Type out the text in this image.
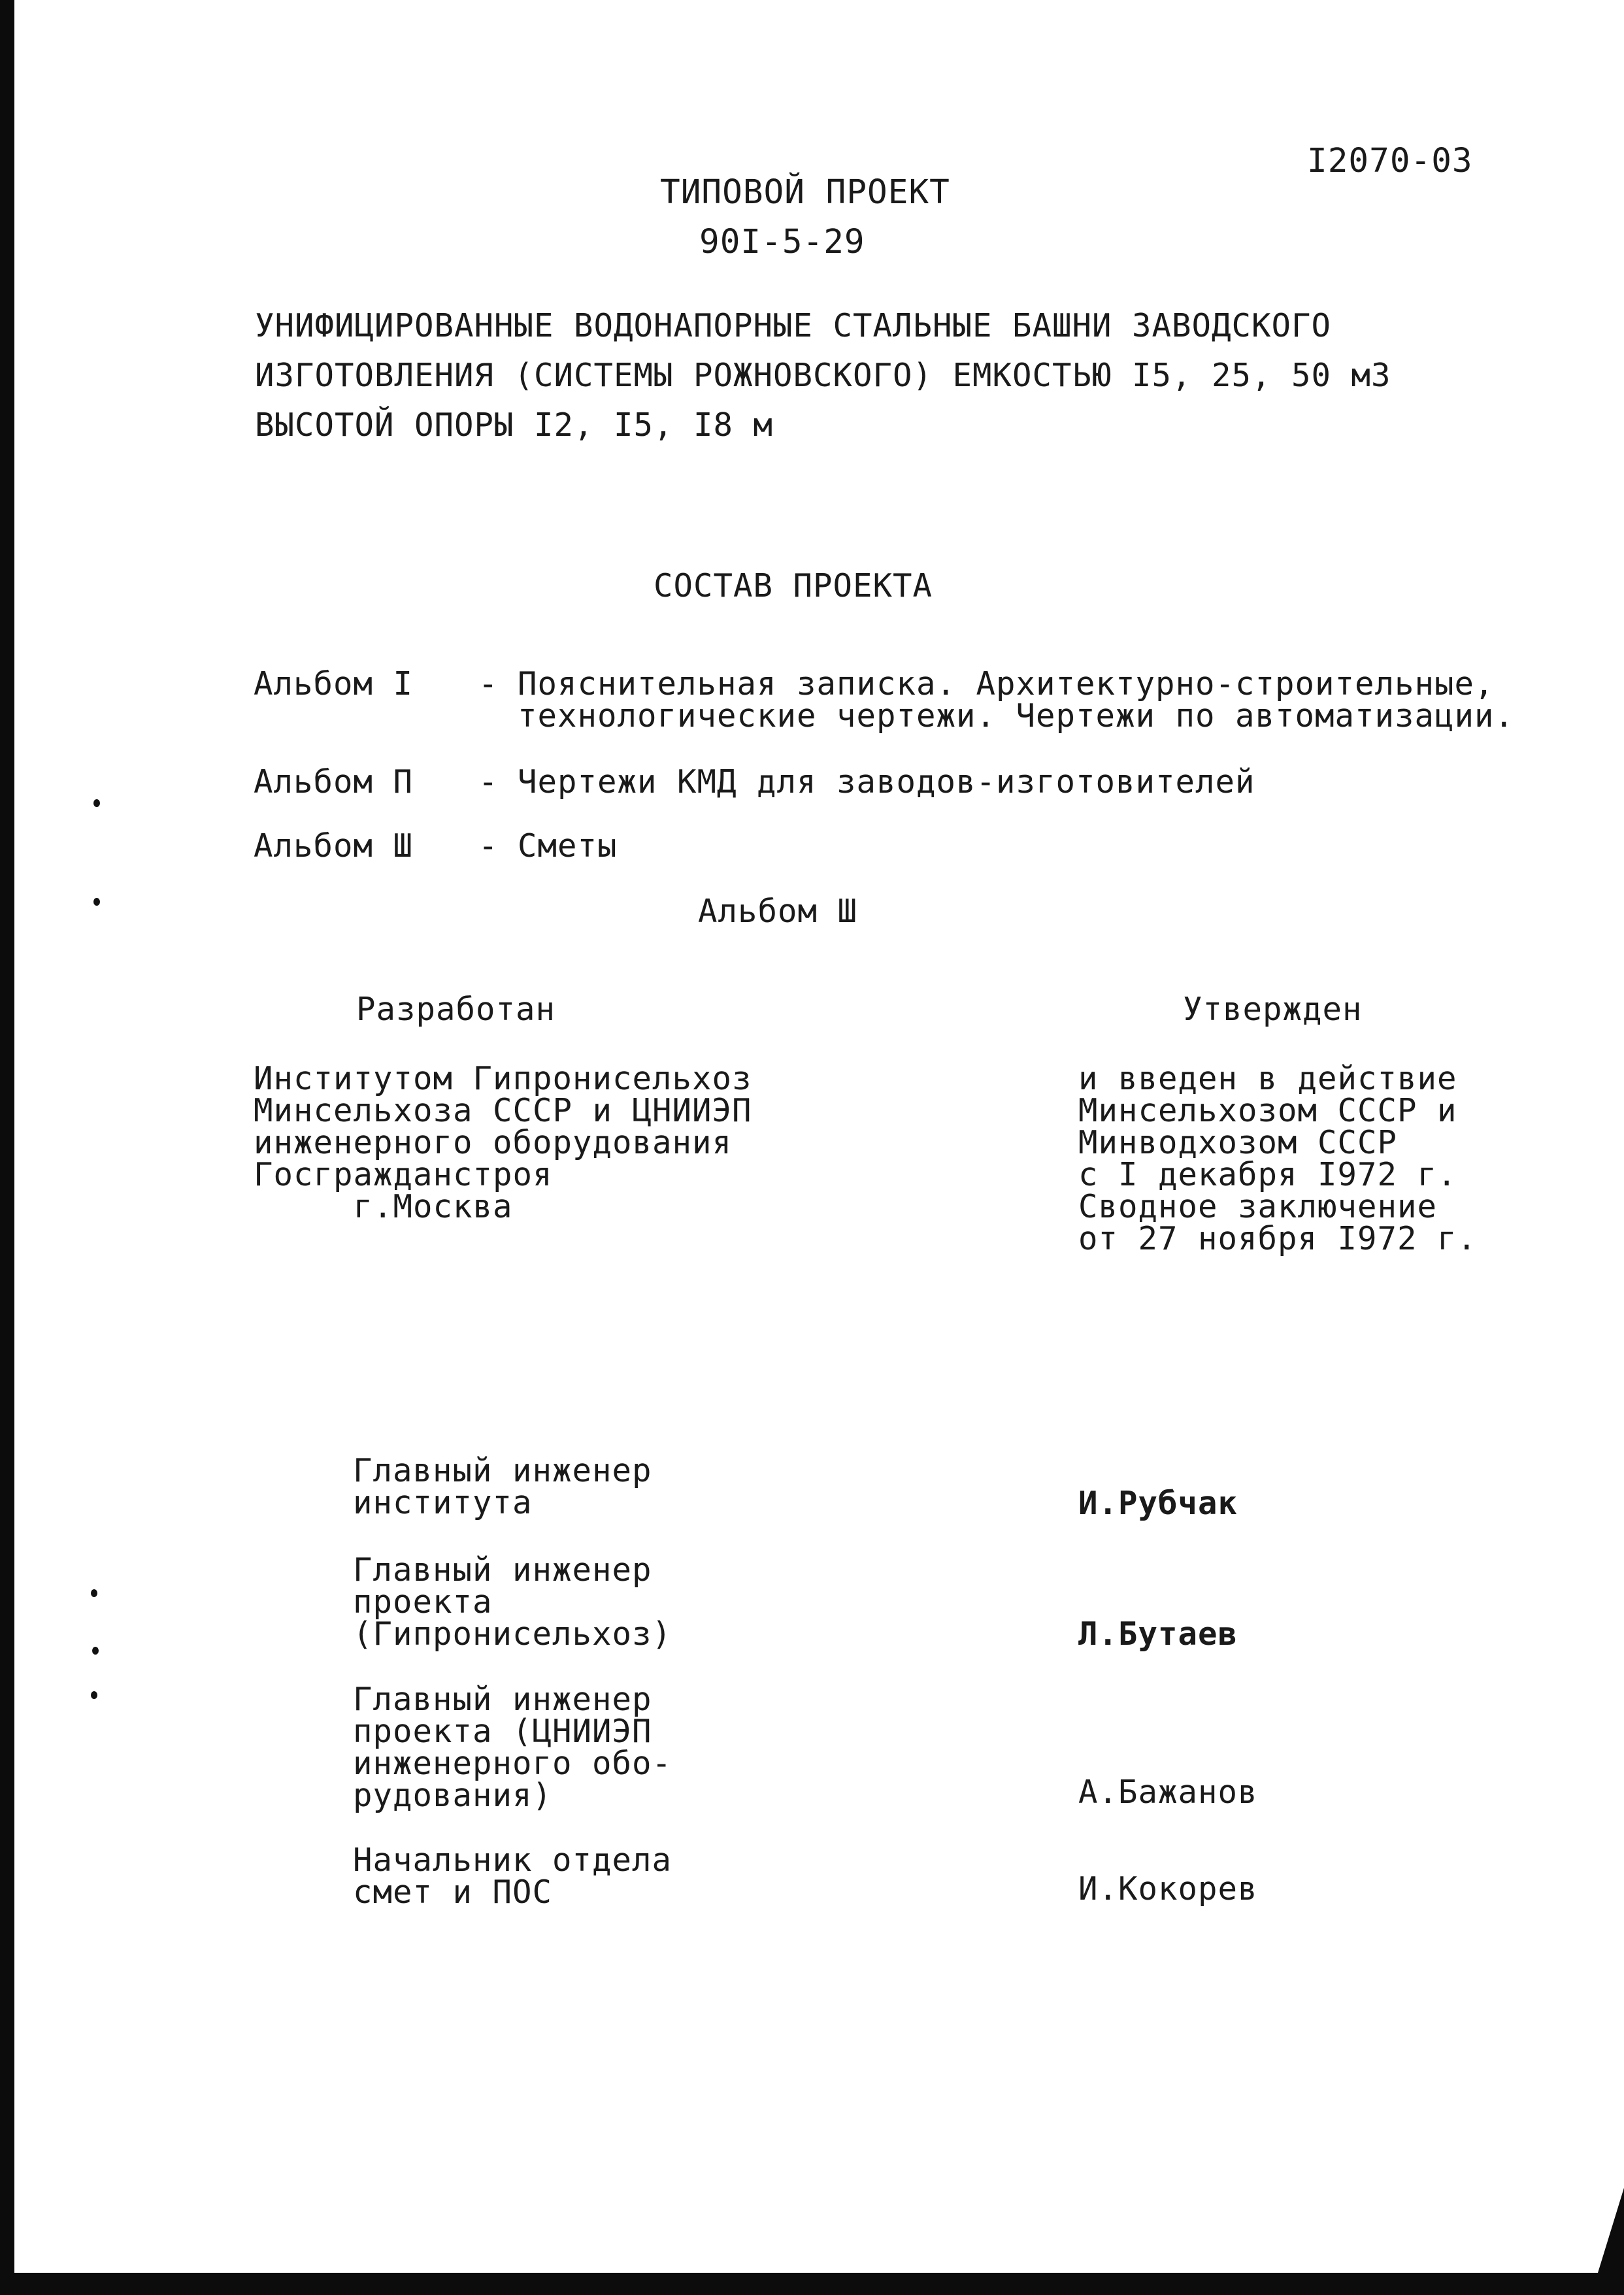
I2070-03
ТИПОВОЙ ПРОЕКТ
90I-5-29
УНИФИЦИРОВАННЫЕ ВОДОНАПОРНЫЕ СТАЛЬНЫЕ БАШНИ ЗАВОДСКОГО
ИЗГОТОВЛЕНИЯ (СИСТЕМЫ РОЖНОВСКОГО) ЕМКОСТЬЮ I5, 25, 50 м3
ВЫСОТОЙ ОПОРЫ I2, I5, I8 м
СОСТАВ ПРОЕКТА
Альбом I - Пояснительная записка. Архитектурно-строительные,
технологические чертежи. Чертежи по автоматизации.
Альбом П - Чертежи КМД для заводов-изготовителей
Альбом Ш - Сметы
Альбом Ш
Разработан	Утвержден
Институтом Гипронисельхоз
Минсельхоза СССР и ЦНИИЭП
инженерного оборудования
Госгражданстроя
г.Москва
и введен в действие
Минсельхозом СССР и
Минводхозом СССР
с I декабря I972 г.
Сводное заключение
от 27 ноября I972 г.
Главный инженер
института	И.Рубчак
Главный инженер
проекта
(Гипронисельхоз)	Л.Бутаев
Главный инженер
проекта (ЦНИИЭП
инженерного обо-
рудования)	А.Бажанов
Начальник отдела
смет и ПОС	И.Кокорев
